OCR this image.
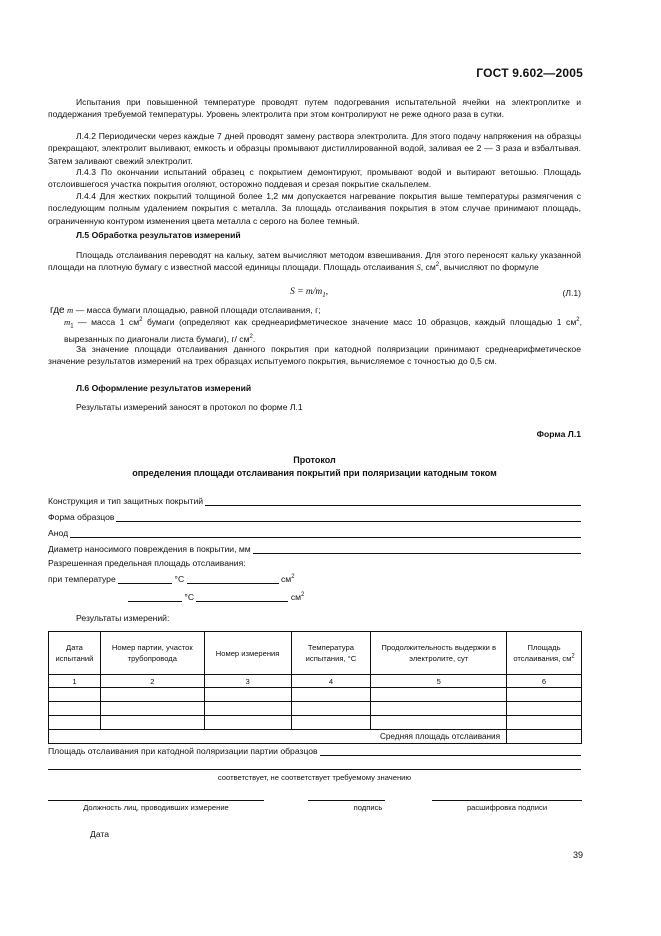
ГОСТ 9.602—2005
Испытания при повышенной температуре проводят путем подогревания испытательной ячейки на электроплитке и поддержания требуемой температуры. Уровень электролита при этом контролируют не реже одного раза в сутки.
Л.4.2 Периодически через каждые 7 дней проводят замену раствора электролита. Для этого подачу напряжения на образцы прекращают, электролит выливают, емкость и образцы промывают дистиллированной водой, заливая ее 2 — 3 раза и взбалтывая. Затем заливают свежий электролит.
Л.4.3 По окончании испытаний образец с покрытием демонтируют, промывают водой и вытирают ветошью. Площадь отслоившегося участка покрытия оголяют, осторожно поддевая и срезая покрытие скальпелем.
Л.4.4 Для жестких покрытий толщиной более 1,2 мм допускается нагревание покрытия выше температуры размягчения с последующим полным удалением покрытия с металла. За площадь отслаивания покрытия в этом случае принимают площадь, ограниченную контуром изменения цвета металла с серого на более темный.
Л.5 Обработка результатов измерений
Площадь отслаивания переводят на кальку, затем вычисляют методом взвешивания. Для этого переносят кальку указанной площади на плотную бумагу с известной массой единицы площади. Площадь отслаивания S, $см^2$, вычисляют по формуле
$S = m/m_1$,	(Л.1)
где m — масса бумаги площадью, равной площади отслаивания, г;
$m_1$ — масса 1 $см^2$ бумаги (определяют как среднеарифметическое значение масс 10 образцов, каждый площадью 1 $см^2$, вырезанных по диагонали листа бумаги), г/ $см^2$.
За значение площади отслаивания данного покрытия при катодной поляризации принимают среднеарифметическое значение результатов измерений на трех образцах испытуемого покрытия, вычисляемое с точностью до 0,5 см.
Л.6 Оформление результатов измерений
Результаты измерений заносят в протокол по форме Л.1
Форма Л.1
Протокол
определения площади отслаивания покрытий при поляризации катодным током
Конструкция и тип защитных покрытий
Форма образцов
Анод
Диаметр наносимого повреждения в покрытии, мм
Разрешенная предельная площадь отслаивания:
при температуре	°С	$см^2$
°С	$см^2$
Результаты измерений:
Дата испытаний	Номер партии, участок трубопровода	Номер измерения	Температура испытания, °С	Продолжительность выдержки в электролите, сут	Площадь отслаивания, $см^2$
1	2	3	4	5	6

Средняя площадь отслаивания					
Площадь отслаивания при катодной поляризации партии образцов
соответствует, не соответствует требуемому значению
Должность лиц, проводивших измерение	подпись	расшифровка подписи
Дата
39
